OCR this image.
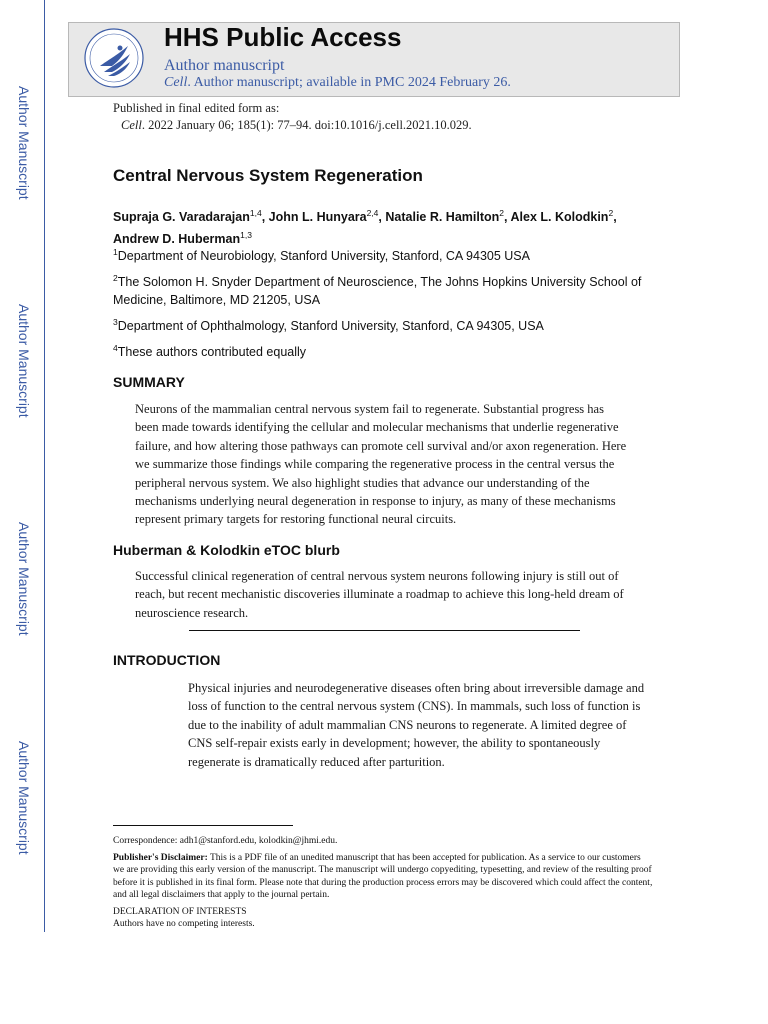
Author Manuscript
Author Manuscript
Author Manuscript
Author Manuscript
HHS Public Access
Author manuscript
Cell. Author manuscript; available in PMC 2024 February 26.
Published in final edited form as:
Cell. 2022 January 06; 185(1): 77–94. doi:10.1016/j.cell.2021.10.029.
Central Nervous System Regeneration
Supraja G. Varadarajan$^{1,4}$, John L. Hunyara$^{2,4}$, Natalie R. Hamilton$^2$, Alex L. Kolodkin$^2$,
Andrew D. Huberman$^{1,3}$
$^1$Department of Neurobiology, Stanford University, Stanford, CA 94305 USA
$^2$The Solomon H. Snyder Department of Neuroscience, The Johns Hopkins University School of Medicine, Baltimore, MD 21205, USA
$^3$Department of Ophthalmology, Stanford University, Stanford, CA 94305, USA
$^4$These authors contributed equally
SUMMARY
Neurons of the mammalian central nervous system fail to regenerate. Substantial progress has been made towards identifying the cellular and molecular mechanisms that underlie regenerative failure, and how altering those pathways can promote cell survival and/or axon regeneration. Here we summarize those findings while comparing the regenerative process in the central versus the peripheral nervous system. We also highlight studies that advance our understanding of the mechanisms underlying neural degeneration in response to injury, as many of these mechanisms represent primary targets for restoring functional neural circuits.
Huberman & Kolodkin eTOC blurb
Successful clinical regeneration of central nervous system neurons following injury is still out of reach, but recent mechanistic discoveries illuminate a roadmap to achieve this long-held dream of neuroscience research.
INTRODUCTION
Physical injuries and neurodegenerative diseases often bring about irreversible damage and loss of function to the central nervous system (CNS). In mammals, such loss of function is due to the inability of adult mammalian CNS neurons to regenerate. A limited degree of CNS self-repair exists early in development; however, the ability to spontaneously regenerate is dramatically reduced after parturition.

Correspondence: adh1@stanford.edu, kolodkin@jhmi.edu.

Publisher's Disclaimer: This is a PDF file of an unedited manuscript that has been accepted for publication. As a service to our customers we are providing this early version of the manuscript. The manuscript will undergo copyediting, typesetting, and review of the resulting proof before it is published in its final form. Please note that during the production process errors may be discovered which could affect the content, and all legal disclaimers that apply to the journal pertain.

DECLARATION OF INTERESTS

Authors have no competing interests.
